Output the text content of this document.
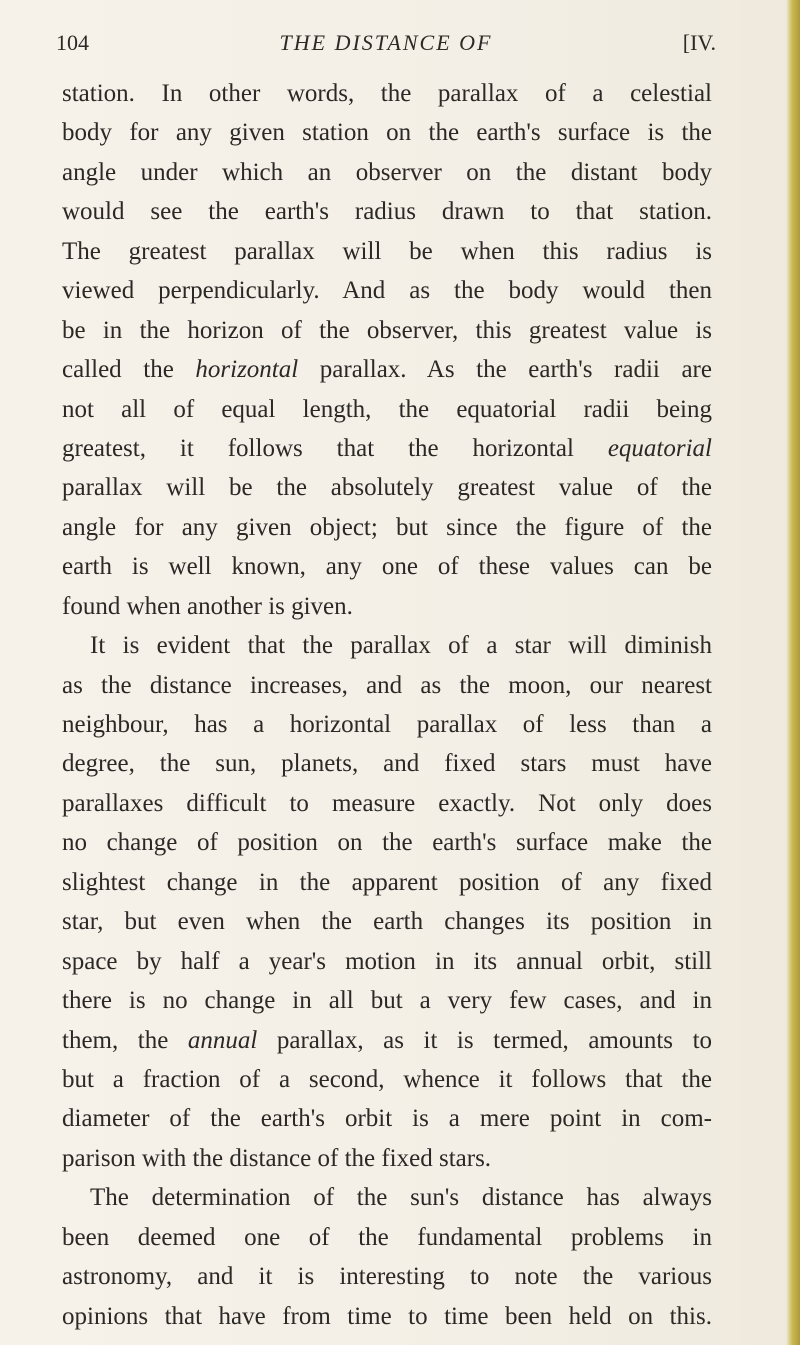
104	THE DISTANCE OF	[IV.
station. In other words, the parallax of a celestial
body for any given station on the earth's surface is the
angle under which an observer on the distant body
would see the earth's radius drawn to that station.
The greatest parallax will be when this radius is
viewed perpendicularly. And as the body would then
be in the horizon of the observer, this greatest value is
called the horizontal parallax. As the earth's radii are
not all of equal length, the equatorial radii being
greatest, it follows that the horizontal equatorial
parallax will be the absolutely greatest value of the
angle for any given object; but since the figure of the
earth is well known, any one of these values can be
found when another is given.
It is evident that the parallax of a star will diminish
as the distance increases, and as the moon, our nearest
neighbour, has a horizontal parallax of less than a
degree, the sun, planets, and fixed stars must have
parallaxes difficult to measure exactly. Not only does
no change of position on the earth's surface make the
slightest change in the apparent position of any fixed
star, but even when the earth changes its position in
space by half a year's motion in its annual orbit, still
there is no change in all but a very few cases, and in
them, the annual parallax, as it is termed, amounts to
but a fraction of a second, whence it follows that the
diameter of the earth's orbit is a mere point in com-
parison with the distance of the fixed stars.
The determination of the sun's distance has always
been deemed one of the fundamental problems in
astronomy, and it is interesting to note the various
opinions that have from time to time been held on this.
